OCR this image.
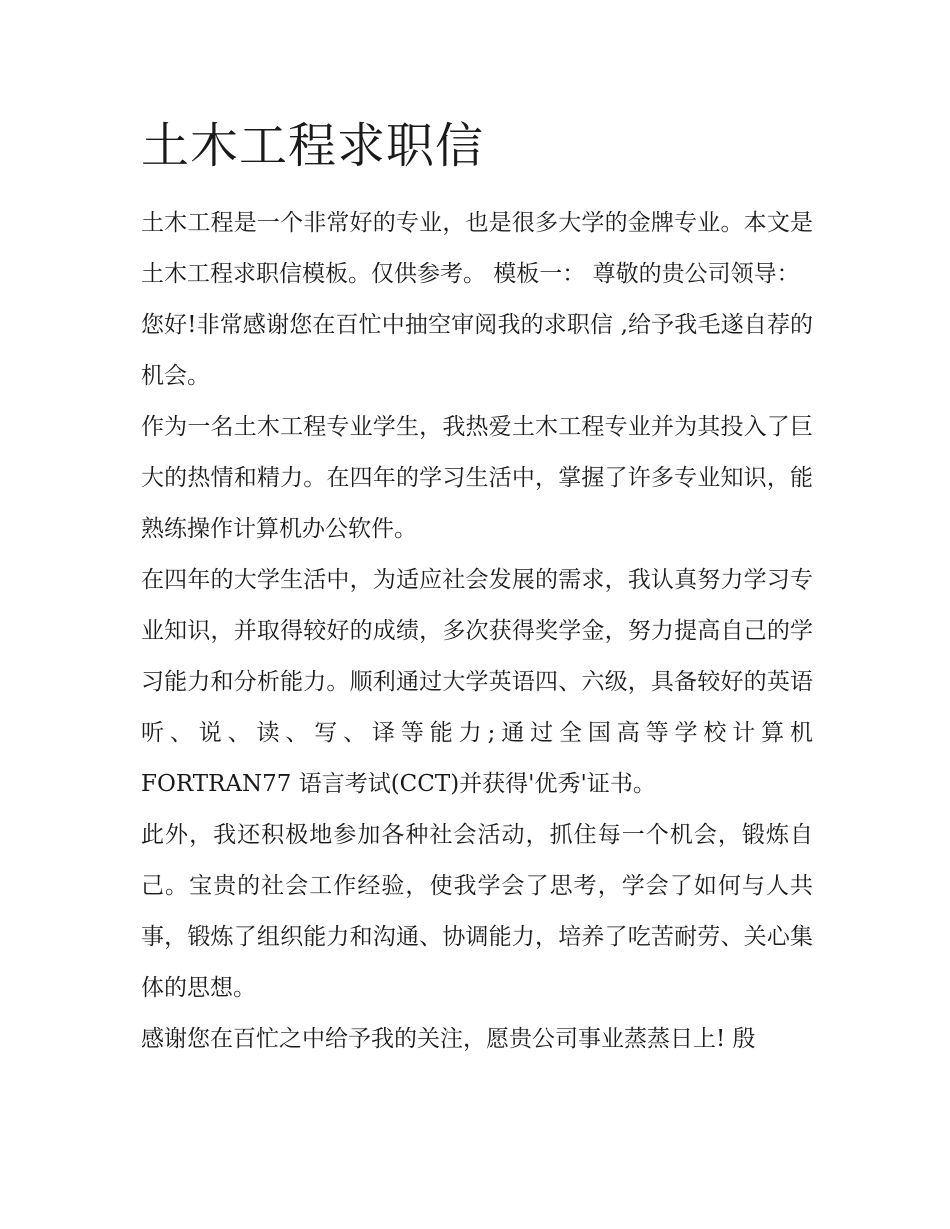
土木工程求职信

土木工程是一个非常好的专业，也是很多大学的金牌专业。本文是土木工程求职信模板。仅供参考。 模板一： 尊敬的贵公司领导：

您好!非常感谢您在百忙中抽空审阅我的求职信 ,给予我毛遂自荐的机会。

作为一名土木工程专业学生，我热爱土木工程专业并为其投入了巨大的热情和精力。在四年的学习生活中，掌握了许多专业知识，能熟练操作计算机办公软件。

在四年的大学生活中，为适应社会发展的需求，我认真努力学习专业知识，并取得较好的成绩，多次获得奖学金，努力提高自己的学习能力和分析能力。顺利通过大学英语四、六级，具备较好的英语听、说、读、写、译等能力;通过全国高等学校计算机 FORTRAN77 语言考试(CCT)并获得'优秀'证书。

此外，我还积极地参加各种社会活动，抓住每一个机会，锻炼自己。宝贵的社会工作经验，使我学会了思考，学会了如何与人共事，锻炼了组织能力和沟通、协调能力，培养了吃苦耐劳、关心集体的思想。

感谢您在百忙之中给予我的关注，愿贵公司事业蒸蒸日上! 殷
